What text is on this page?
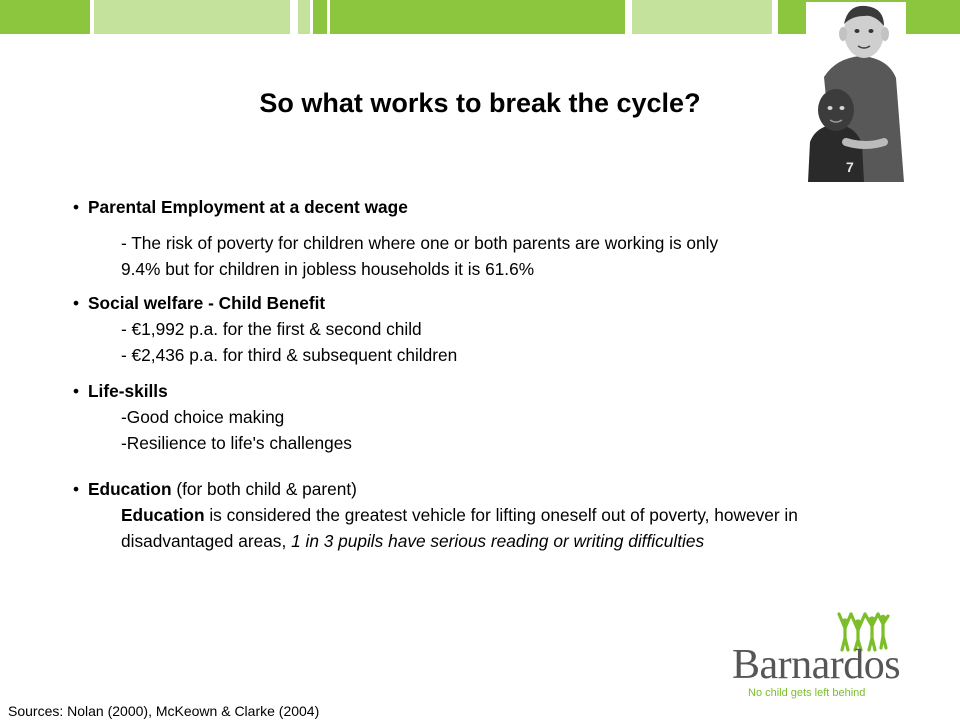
So what works to break the cycle?
7
• Parental Employment at a decent wage
- The risk of poverty for children where one or both parents are working is only
9.4% but for children in jobless households it is 61.6%
• Social welfare - Child Benefit
- €1,992 p.a. for the first & second child
- €2,436 p.a. for third & subsequent children
• Life-skills
-Good choice making
-Resilience to life's challenges
• Education (for both child & parent)
Education is considered the greatest vehicle for lifting oneself out of poverty, however in disadvantaged areas, 1 in 3 pupils have serious reading or writing difficulties
Sources: Nolan (2000), McKeown & Clarke (2004)
Barnardos
No child gets left behind
